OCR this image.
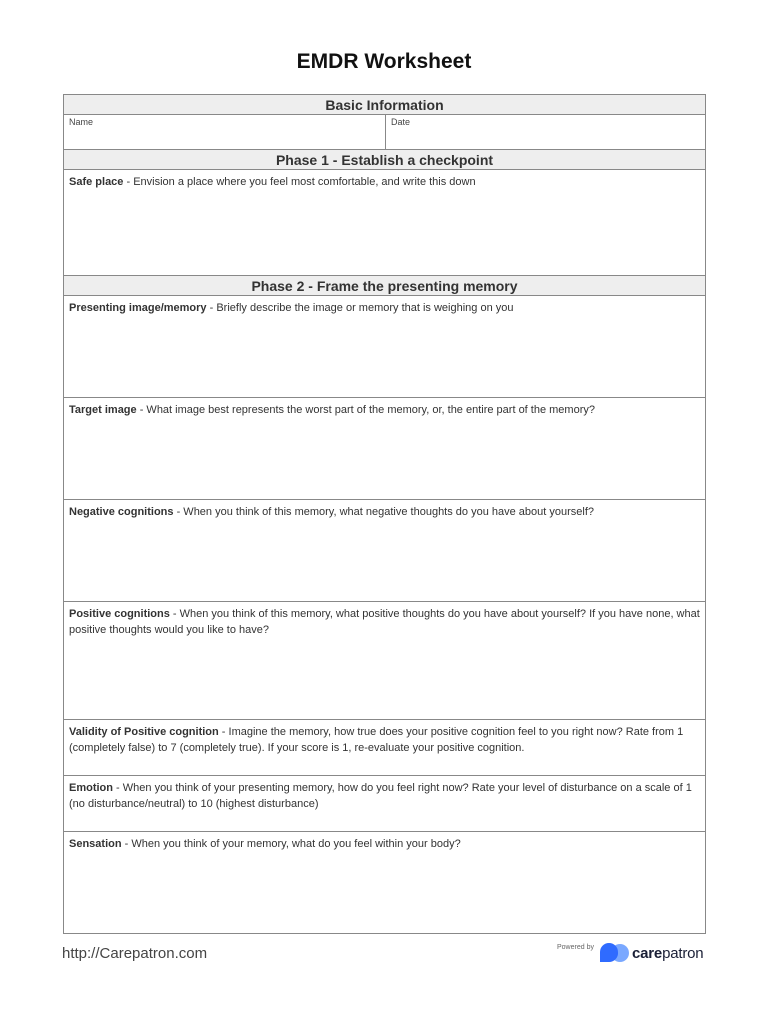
EMDR Worksheet
Basic Information
Name	Date
Phase 1 - Establish a checkpoint
Safe place - Envision a place where you feel most comfortable, and write this down
Phase 2 - Frame the presenting memory
Presenting image/memory - Briefly describe the image or memory that is weighing on you
Target image - What image best represents the worst part of the memory, or, the entire part of the memory?
Negative cognitions - When you think of this memory, what negative thoughts do you have about yourself?
Positive cognitions - When you think of this memory, what positive thoughts do you have about yourself? If you have none, what positive thoughts would you like to have?
Validity of Positive cognition - Imagine the memory, how true does your positive cognition feel to you right now? Rate from 1 (completely false) to 7 (completely true). If your score is 1, re-evaluate your positive cognition.
Emotion - When you think of your presenting memory, how do you feel right now? Rate your level of disturbance on a scale of 1 (no disturbance/neutral) to 10 (highest disturbance)
Sensation - When you think of your memory, what do you feel within your body?
http://Carepatron.com	Powered by	carepatron
